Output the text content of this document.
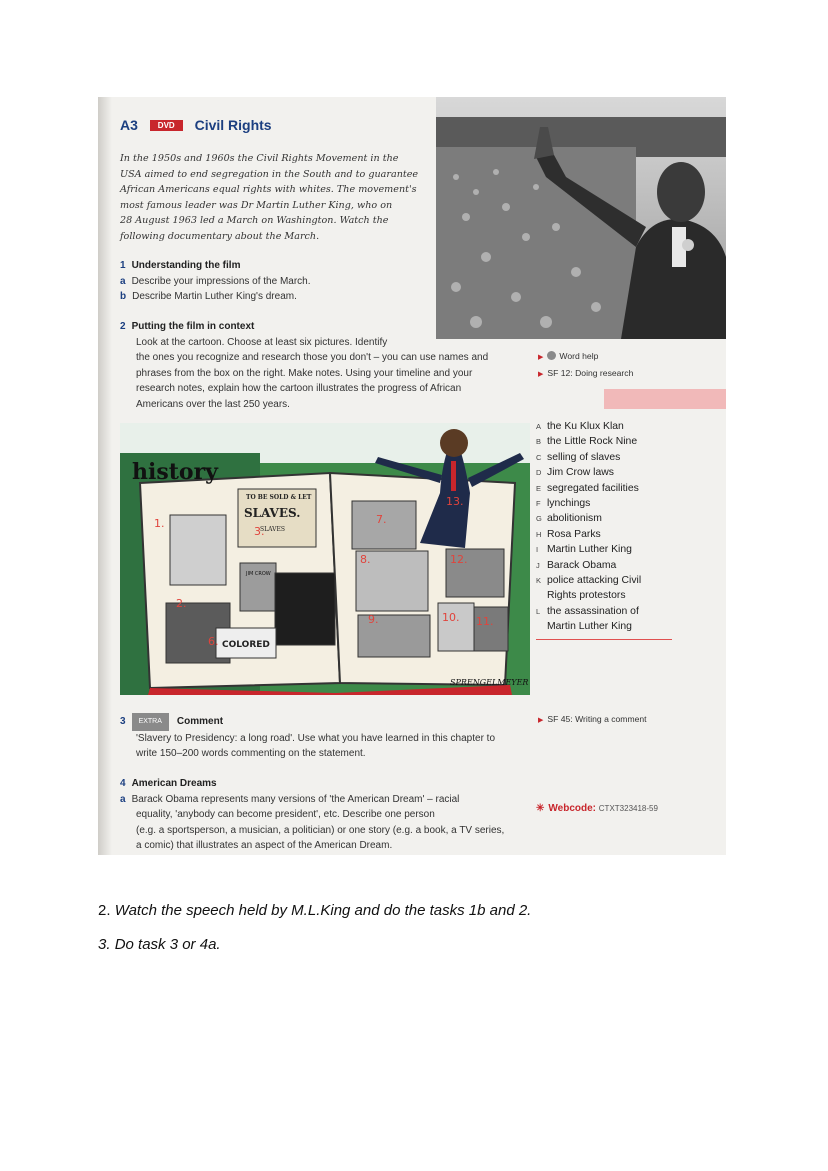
A3 DVD Civil Rights
In the 1950s and 1960s the Civil Rights Movement in the
USA aimed to end segregation in the South and to guarantee
African Americans equal rights with whites. The movement's
most famous leader was Dr Martin Luther King, who on
28 August 1963 led a March on Washington. Watch the
following documentary about the March.
1 Understanding the film
a Describe your impressions of the March.
b Describe Martin Luther King's dream.
2 Putting the film in context
Look at the cartoon. Choose at least six pictures. Identify
the ones you recognize and research those you don't – you can use names and
phrases from the box on the right. Make notes. Using your timeline and your
research notes, explain how the cartoon illustrates the progress of African
Americans over the last 250 years.
▶ Word help
▶ SF 12: Doing research
history
TO BE SOLD & LET
SLAVES.
SLAVES
JIM CROW
COLORED
SPRENGELMEYER
1.
2.
3.
6.
7.
8.
9.	10. 11.
12.
13.
A the Ku Klux Klan
B the Little Rock Nine
C selling of slaves
D Jim Crow laws
E segregated facilities
F lynchings
G abolitionism
H Rosa Parks
I Martin Luther King
J Barack Obama
K police attacking Civil
Rights protestors
L the assassination of
Martin Luther King
3 EXTRA Comment
'Slavery to Presidency: a long road'. Use what you have learned in this chapter to
write 150–200 words commenting on the statement.
▶ SF 45: Writing a comment
4 American Dreams
a Barack Obama represents many versions of 'the American Dream' – racial
equality, 'anybody can become president', etc. Describe one person
(e.g. a sportsperson, a musician, a politician) or one story (e.g. a book, a TV series,
a comic) that illustrates an aspect of the American Dream.
✳ Webcode: CTXT323418-59
2. Watch the speech held by M.L.King and do the tasks 1b and 2.
3. Do task 3 or 4a.
